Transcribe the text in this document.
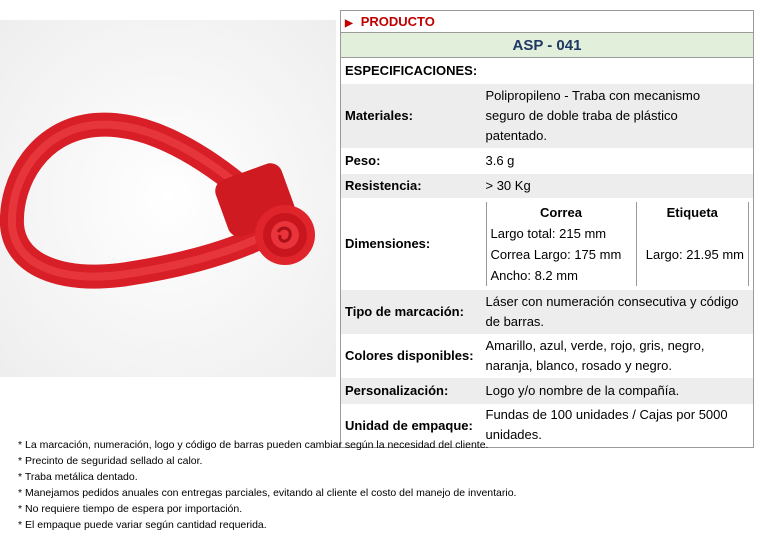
▶ PRODUCTO
ASP - 041
ESPECIFICACIONES:
Materiales:	
Polipropileno - Traba con mecanismo
seguro de doble traba de plástico
patentado.

Peso:	3.6 g
Resistencia:	> 30 Kg
Dimensiones:	
Correa	Etiqueta
Largo total: 215 mm	
Correa Largo: 175 mm	Largo: 21.95 mm
Ancho: 8.2 mm	

Tipo de marcación:	
Láser con numeración consecutiva y código
de barras.

Colores disponibles:	
Amarillo, azul, verde, rojo, gris, negro,
naranja, blanco, rosado y negro.

Personalización:	Logo y/o nombre de la compañía.
Unidad de empaque:	
Fundas de 100 unidades / Cajas por 5000
unidades.
* La marcación, numeración, logo y código de barras pueden cambiar según la necesidad del cliente.
* Precinto de seguridad sellado al calor.
* Traba metálica dentado.
* Manejamos pedidos anuales con entregas parciales, evitando al cliente el costo del manejo de inventario.
* No requiere tiempo de espera por importación.
* El empaque puede variar según cantidad requerida.
